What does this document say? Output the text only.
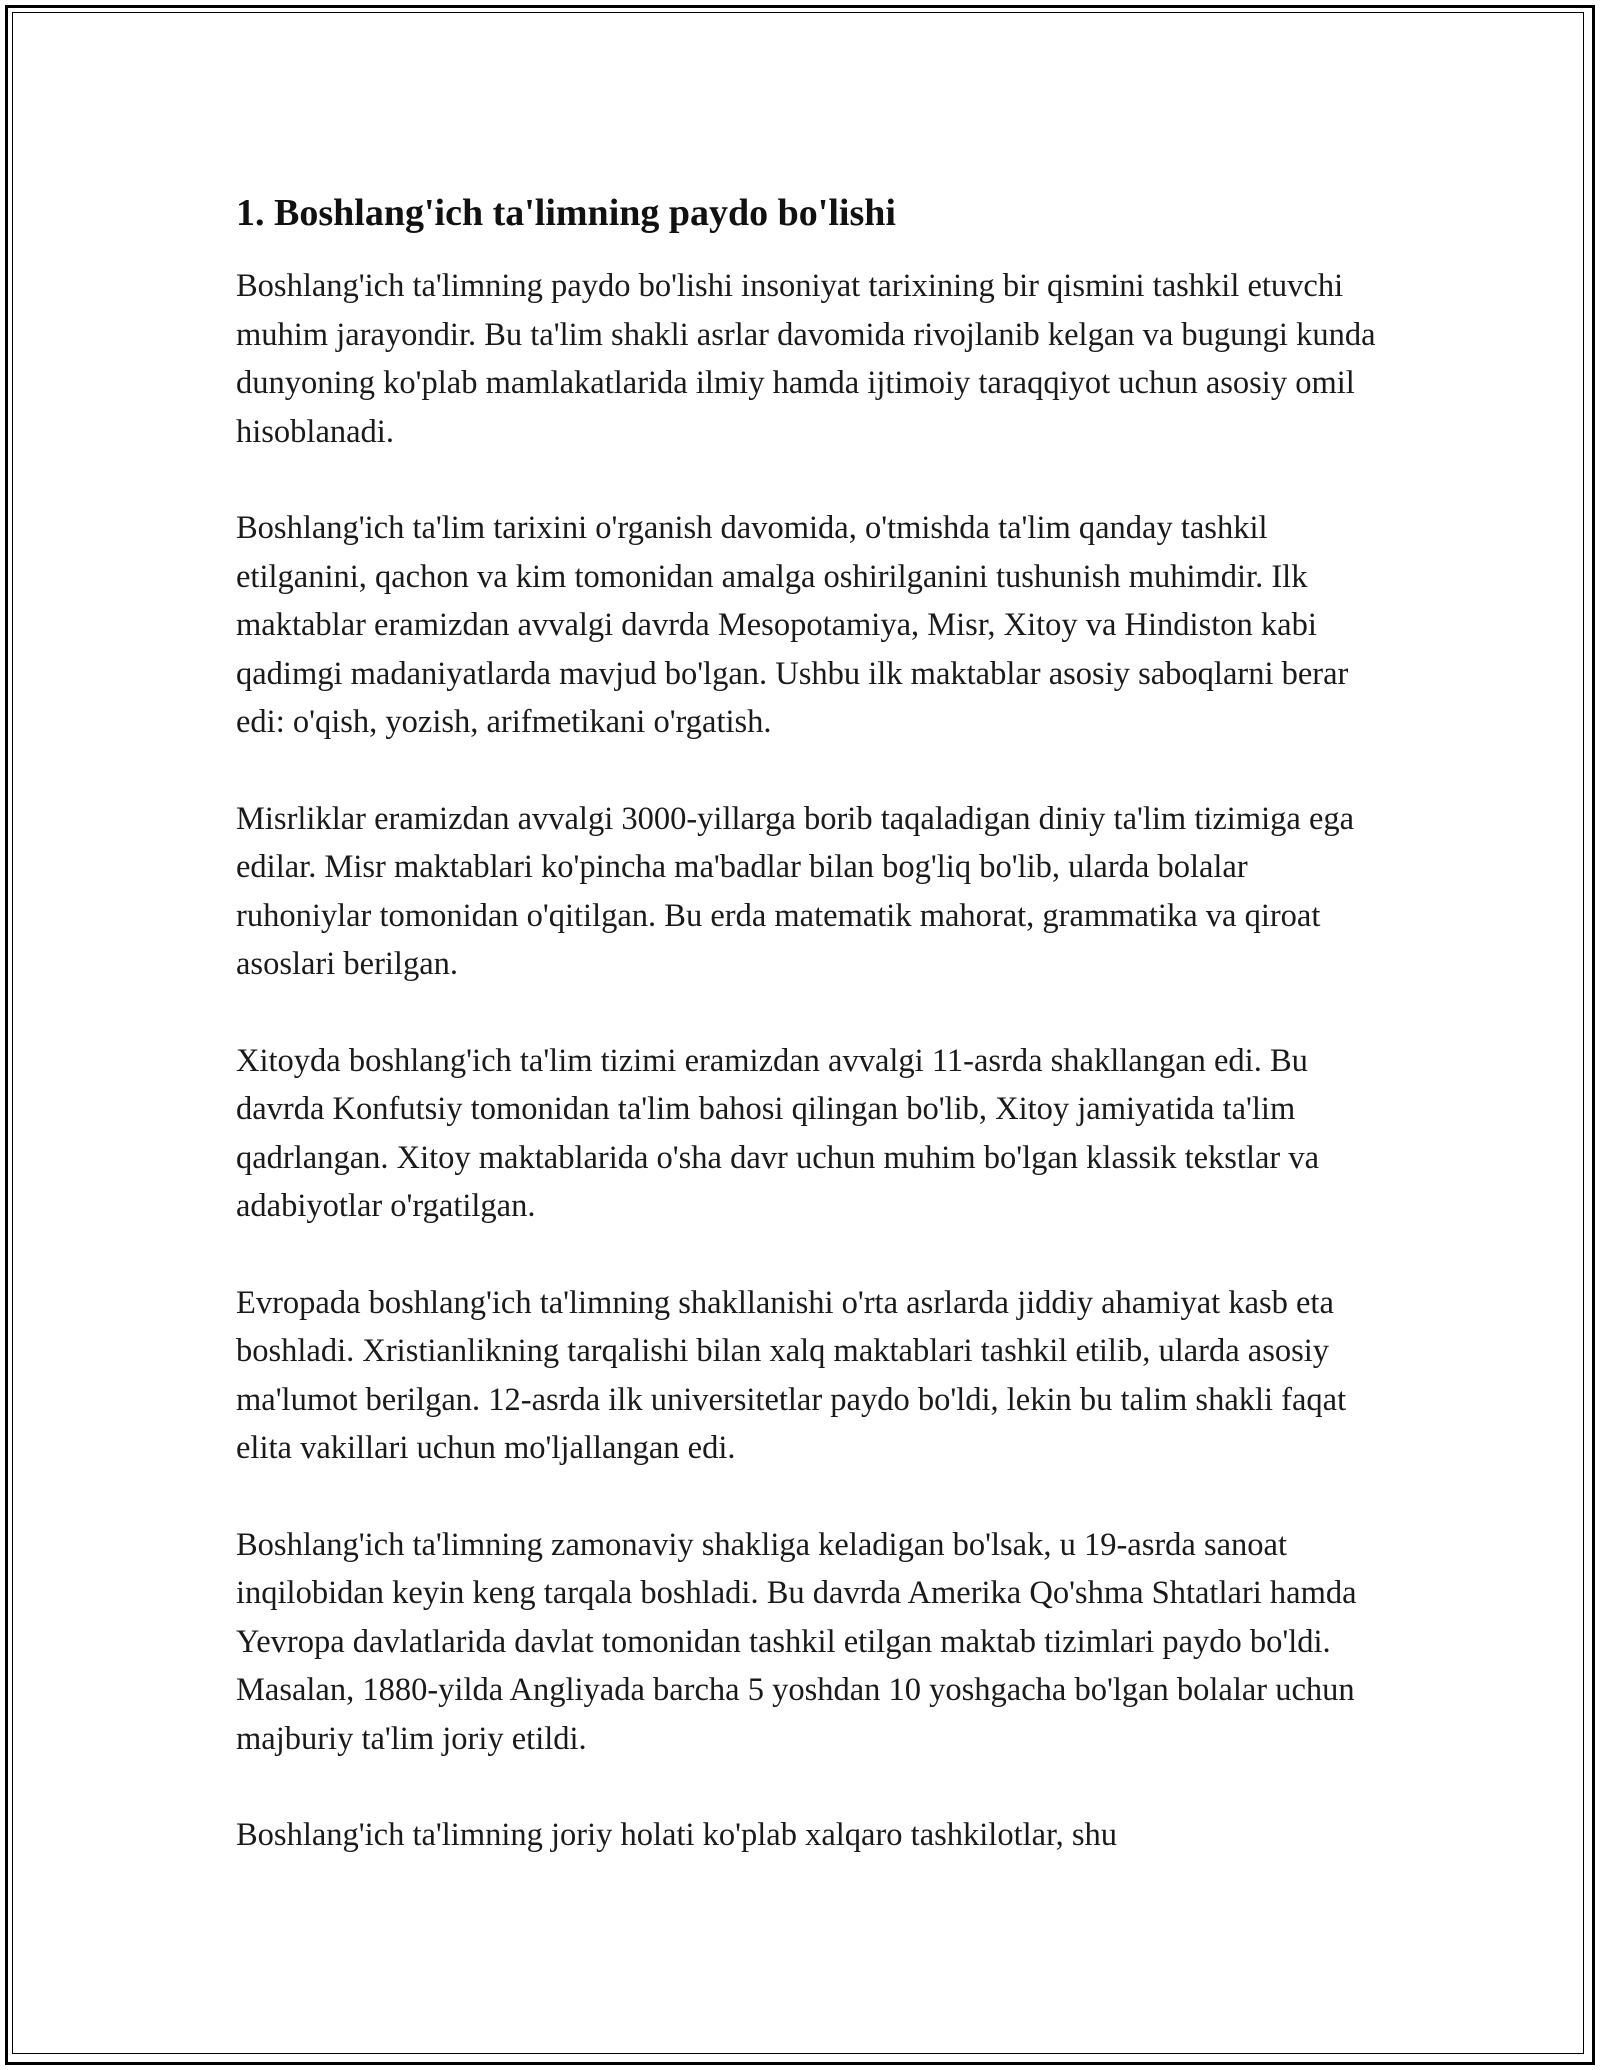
1. Boshlang'ich ta'limning paydo bo'lishi

Boshlang'ich ta'limning paydo bo'lishi insoniyat tarixining bir qismini tashkil etuvchi muhim jarayondir. Bu ta'lim shakli asrlar davomida rivojlanib kelgan va bugungi kunda dunyoning ko'plab mamlakatlarida ilmiy hamda ijtimoiy taraqqiyot uchun asosiy omil hisoblanadi.

Boshlang'ich ta'lim tarixini o'rganish davomida, o'tmishda ta'lim qanday tashkil etilganini, qachon va kim tomonidan amalga oshirilganini tushunish muhimdir. Ilk maktablar eramizdan avvalgi davrda Mesopotamiya, Misr, Xitoy va Hindiston kabi qadimgi madaniyatlarda mavjud bo'lgan. Ushbu ilk maktablar asosiy saboqlarni berar edi: o'qish, yozish, arifmetikani o'rgatish.

Misrliklar eramizdan avvalgi 3000-yillarga borib taqaladigan diniy ta'lim tizimiga ega edilar. Misr maktablari ko'pincha ma'badlar bilan bog'liq bo'lib, ularda bolalar ruhoniylar tomonidan o'qitilgan. Bu erda matematik mahorat, grammatika va qiroat asoslari berilgan.

Xitoyda boshlang'ich ta'lim tizimi eramizdan avvalgi 11-asrda shakllangan edi. Bu davrda Konfutsiy tomonidan ta'lim bahosi qilingan bo'lib, Xitoy jamiyatida ta'lim qadrlangan. Xitoy maktablarida o'sha davr uchun muhim bo'lgan klassik tekstlar va adabiyotlar o'rgatilgan.

Evropada boshlang'ich ta'limning shakllanishi o'rta asrlarda jiddiy ahamiyat kasb eta boshladi. Xristianlikning tarqalishi bilan xalq maktablari tashkil etilib, ularda asosiy ma'lumot berilgan. 12-asrda ilk universitetlar paydo bo'ldi, lekin bu talim shakli faqat elita vakillari uchun mo'ljallangan edi.

Boshlang'ich ta'limning zamonaviy shakliga keladigan bo'lsak, u 19-asrda sanoat inqilobidan keyin keng tarqala boshladi. Bu davrda Amerika Qo'shma Shtatlari hamda Yevropa davlatlarida davlat tomonidan tashkil etilgan maktab tizimlari paydo bo'ldi. Masalan, 1880-yilda Angliyada barcha 5 yoshdan 10 yoshgacha bo'lgan bolalar uchun majburiy ta'lim joriy etildi.

Boshlang'ich ta'limning joriy holati ko'plab xalqaro tashkilotlar, shu
